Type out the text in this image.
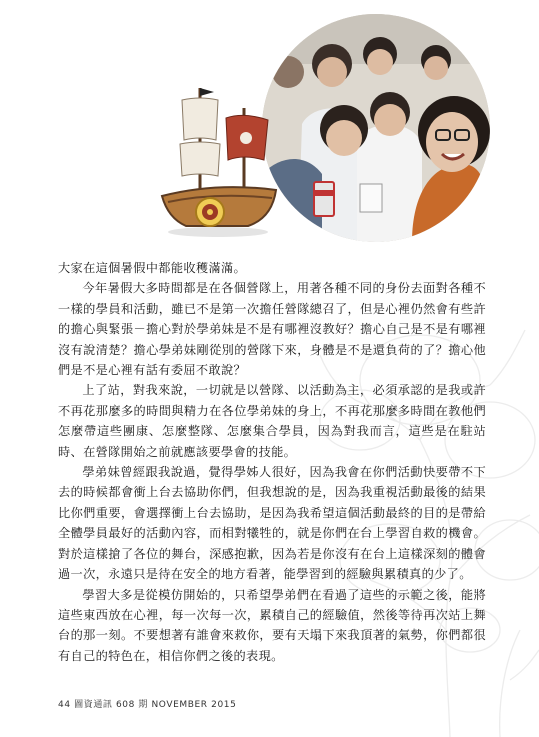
大家在這個暑假中都能收穫滿滿。

今年暑假大多時間都是在各個營隊上，用著各種不同的身份去面對各種不一樣的學員和活動，雖已不是第一次擔任營隊總召了，但是心裡仍然會有些許的擔心與緊張－擔心對於學弟妹是不是有哪裡沒教好？擔心自己是不是有哪裡沒有說清楚？擔心學弟妹剛從別的營隊下來，身體是不是還負荷的了？擔心他們是不是心裡有話有委屈不敢說？

上了站，對我來說，一切就是以營隊、以活動為主，必須承認的是我或許不再花那麼多的時間與精力在各位學弟妹的身上，不再花那麼多時間在教他們怎麼帶這些團康、怎麼整隊、怎麼集合學員，因為對我而言，這些是在駐站時、在營隊開始之前就應該要學會的技能。

學弟妹曾經跟我說過，覺得學姊人很好，因為我會在你們活動快要帶不下去的時候都會衝上台去協助你們，但我想說的是，因為我重視活動最後的結果比你們重要，會選擇衝上台去協助，是因為我希望這個活動最終的目的是帶給全體學員最好的活動內容，而相對犧牲的，就是你們在台上學習自救的機會。對於這樣搶了各位的舞台，深感抱歉，因為若是你沒有在台上這樣深刻的體會過一次，永遠只是待在安全的地方看著，能學習到的經驗與累積真的少了。

學習大多是從模仿開始的，只希望學弟們在看過了這些的示範之後，能將這些東西放在心裡，每一次每一次，累積自己的經驗值，然後等待再次站上舞台的那一刻。不要想著有誰會來救你，要有天塌下來我頂著的氣勢，你們都很有自己的特色在，相信你們之後的表現。

44 圖資通訊 608 期 NOVEMBER 2015
